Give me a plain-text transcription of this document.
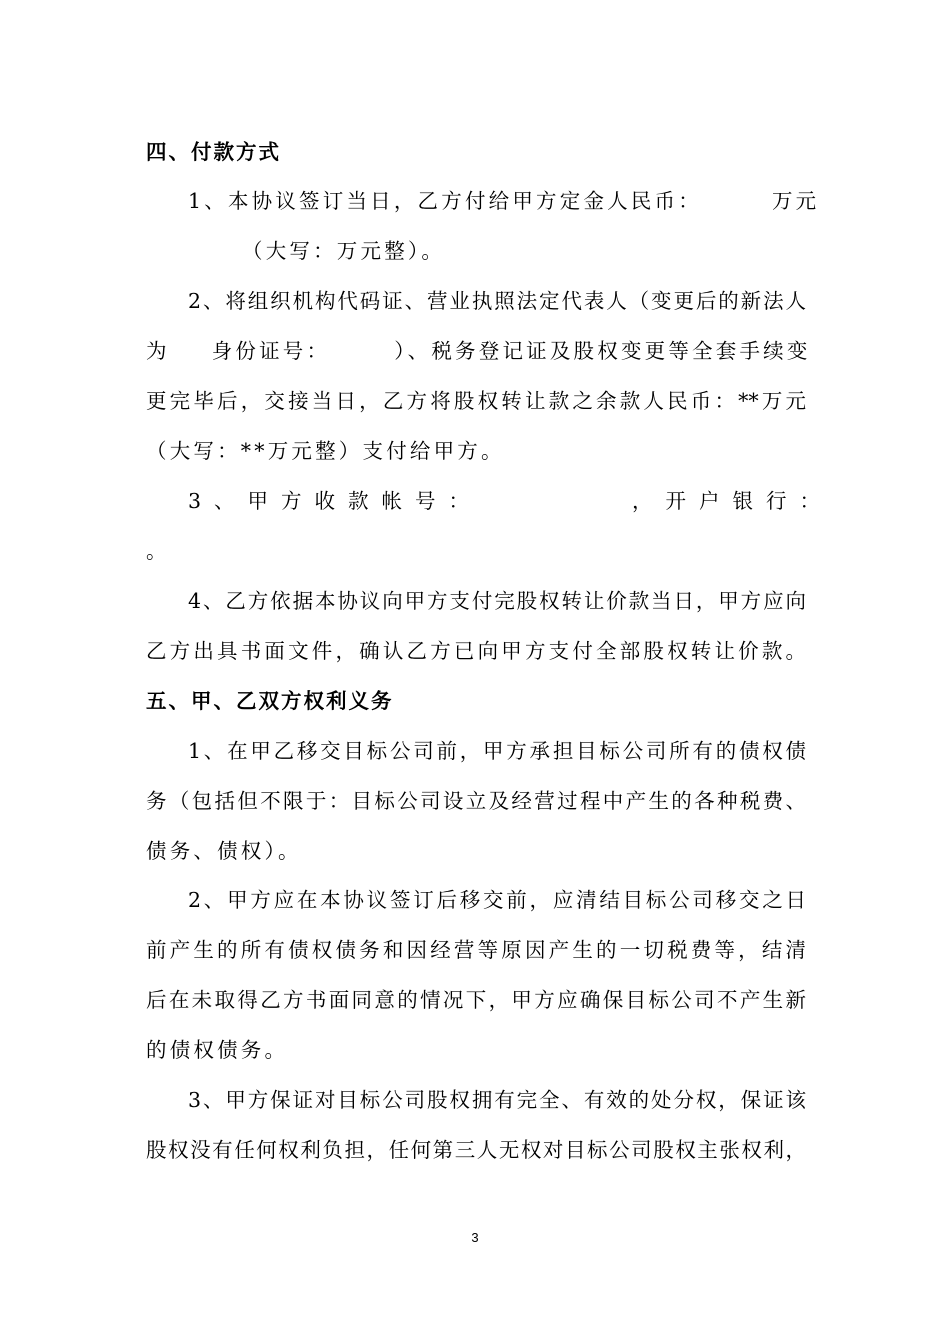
四、付款方式
1、本协议签订当日，乙方付给甲方定金人民币：	万元
（大写：万元整）。
2、将组织机构代码证、营业执照法定代表人（变更后的新法人
为 身份证号：	）、税务登记证及股权变更等全套手续变
更完毕后，交接当日，乙方将股权转让款之余款人民币：**万元
（大写：**万元整）支付给甲方。
3、甲方收款帐号：	，开户银行：
。
4、乙方依据本协议向甲方支付完股权转让价款当日，甲方应向
乙方出具书面文件，确认乙方已向甲方支付全部股权转让价款。
五、甲、乙双方权利义务
1、在甲乙移交目标公司前，甲方承担目标公司所有的债权债
务（包括但不限于：目标公司设立及经营过程中产生的各种税费、
债务、债权）。
2、甲方应在本协议签订后移交前，应清结目标公司移交之日
前产生的所有债权债务和因经营等原因产生的一切税费等，结清
后在未取得乙方书面同意的情况下，甲方应确保目标公司不产生新
的债权债务。
3、甲方保证对目标公司股权拥有完全、有效的处分权，保证该
股权没有任何权利负担，任何第三人无权对目标公司股权主张权利，
3
